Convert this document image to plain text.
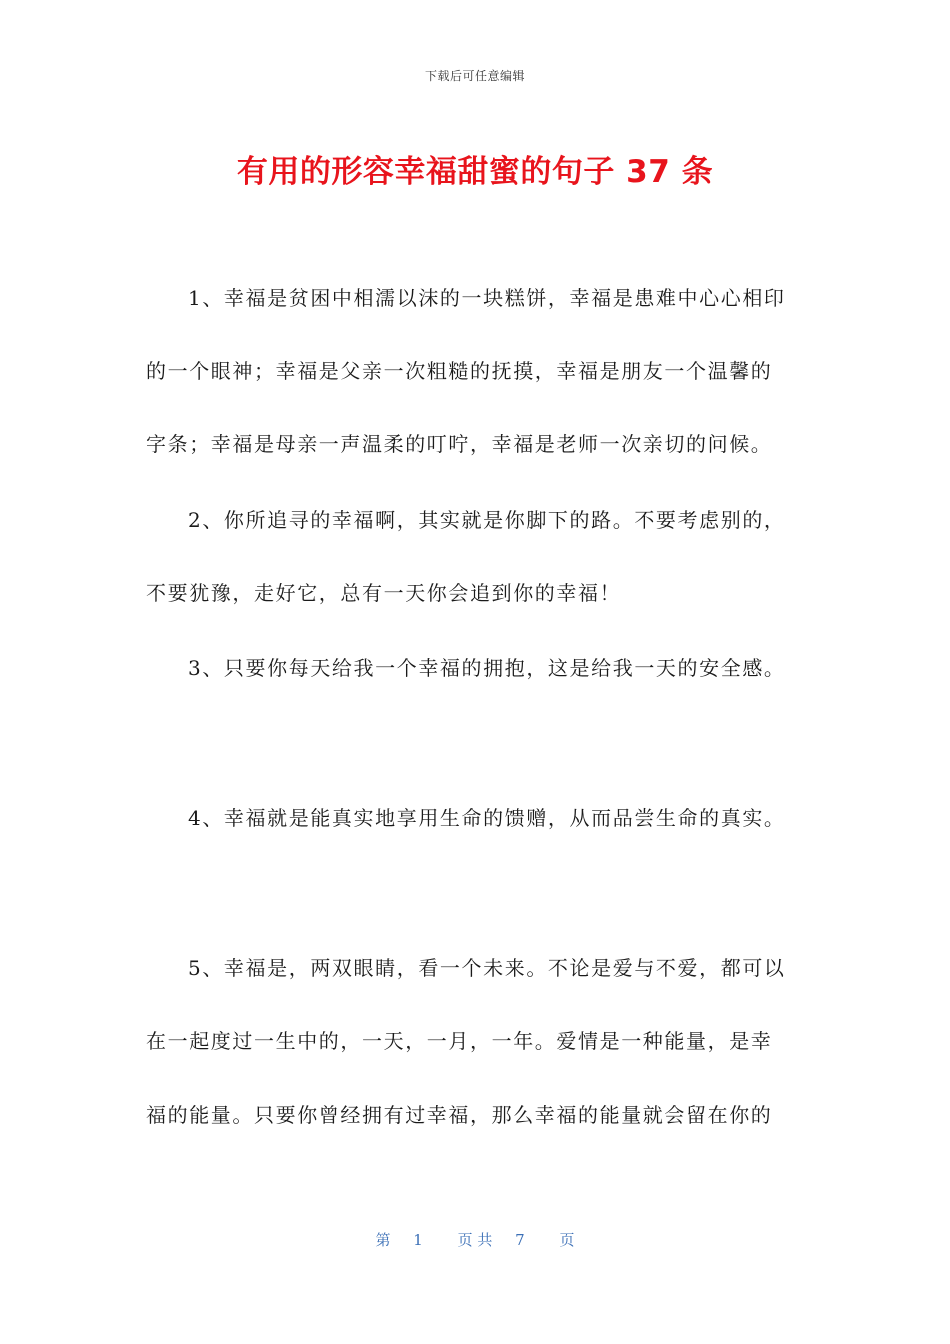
下载后可任意编辑
有用的形容幸福甜蜜的句子 37 条
1、幸福是贫困中相濡以沫的一块糕饼，幸福是患难中心心相印
的一个眼神；幸福是父亲一次粗糙的抚摸，幸福是朋友一个温馨的
字条；幸福是母亲一声温柔的叮咛，幸福是老师一次亲切的问候。
2、你所追寻的幸福啊，其实就是你脚下的路。不要考虑别的，
不要犹豫，走好它，总有一天你会追到你的幸福！
3、只要你每天给我一个幸福的拥抱，这是给我一天的安全感。
4、幸福就是能真实地享用生命的馈赠，从而品尝生命的真实。
5、幸福是，两双眼睛，看一个未来。不论是爱与不爱，都可以
在一起度过一生中的，一天，一月，一年。爱情是一种能量，是幸
福的能量。只要你曾经拥有过幸福，那么幸福的能量就会留在你的
第 1 页 共 7 页
